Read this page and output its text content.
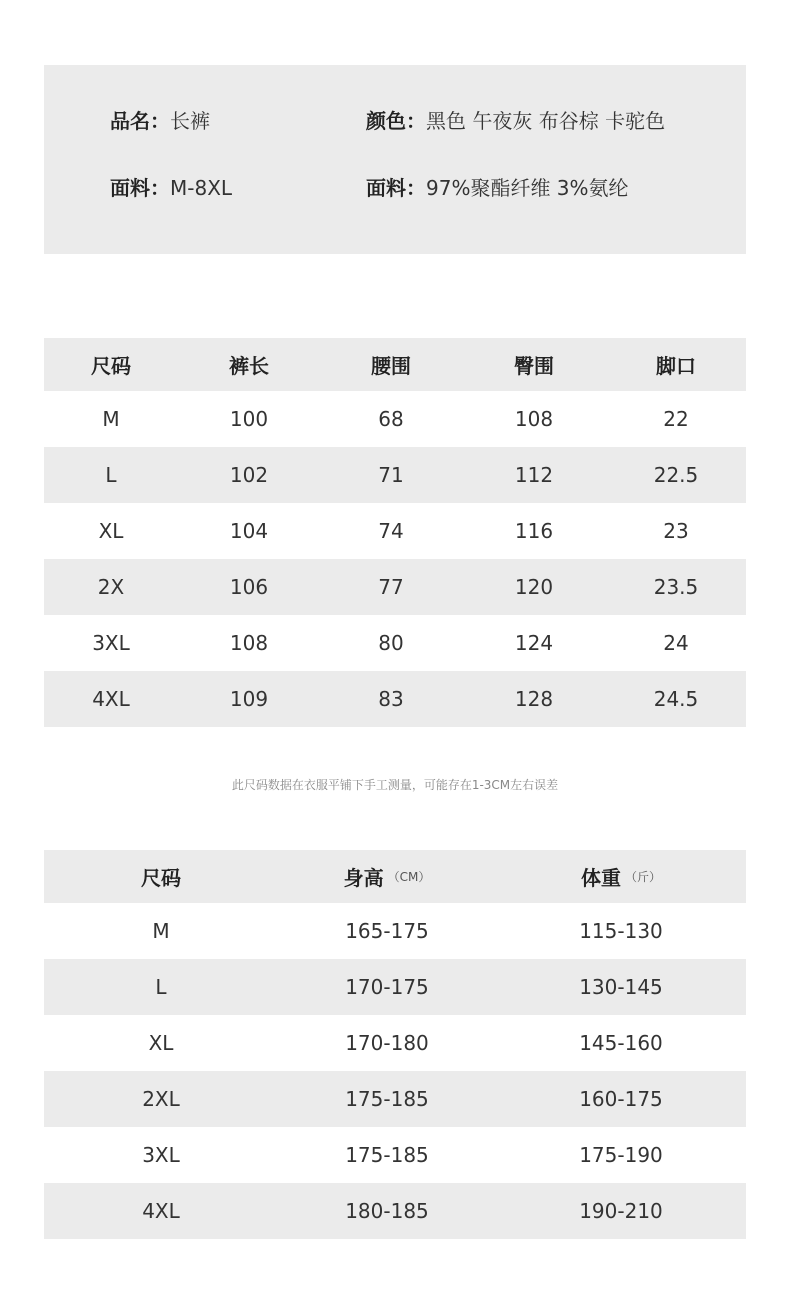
品名：长裤	颜色：黑色 午夜灰 布谷棕 卡驼色
面料：M-8XL	面料：97%聚酯纤维 3%氨纶
尺码	裤长	腰围	臀围	脚口
M	100	68	108	22
L	102	71	112	22.5
XL	104	74	116	23
2X	106	77	120	23.5
3XL	108	80	124	24
4XL	109	83	128	24.5
此尺码数据在衣服平铺下手工测量，可能存在1-3CM左右误差
尺码	身高 （CM）	体重 （斤）
M	165-175	115-130
L	170-175	130-145
XL	170-180	145-160
2XL	175-185	160-175
3XL	175-185	175-190
4XL	180-185	190-210
